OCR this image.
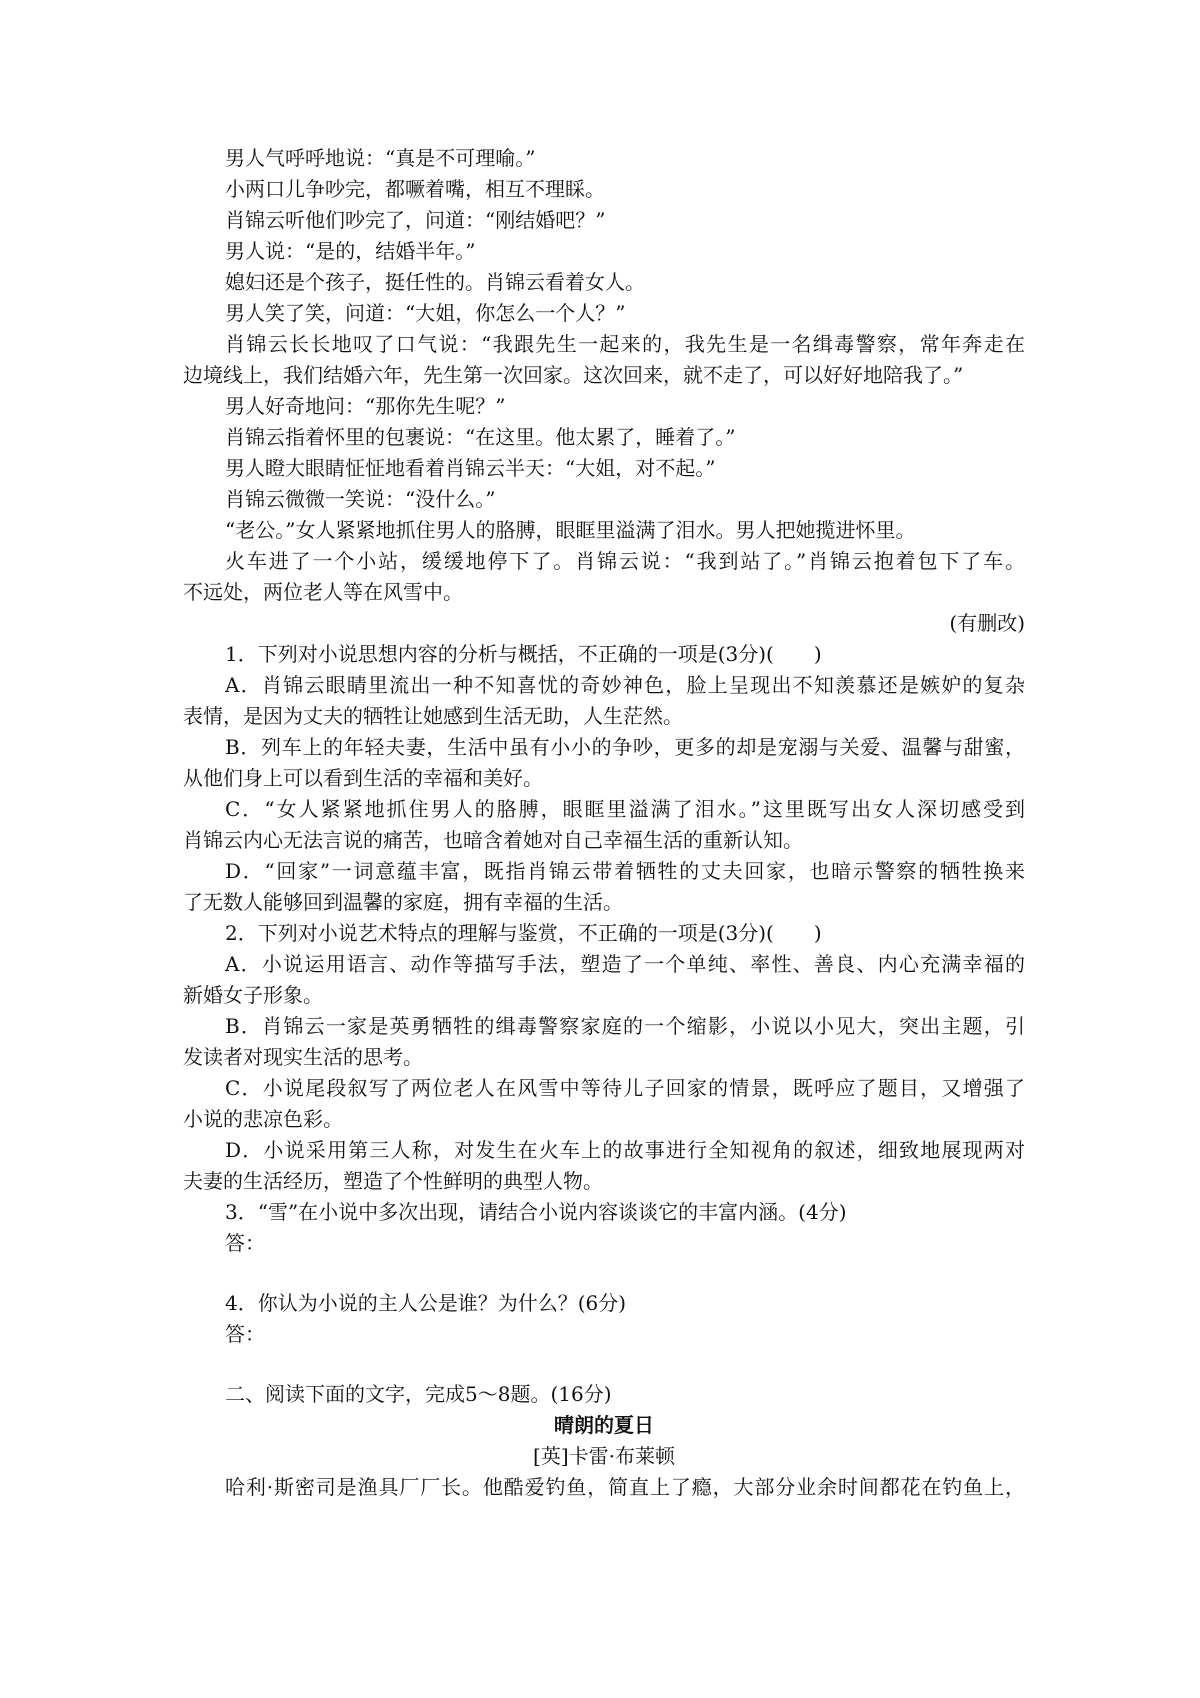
男人气呼呼地说：“真是不可理喻。”
小两口儿争吵完，都噘着嘴，相互不理睬。
肖锦云听他们吵完了，问道：“刚结婚吧？”
男人说：“是的，结婚半年。”
媳妇还是个孩子，挺任性的。肖锦云看着女人。
男人笑了笑，问道：“大姐，你怎么一个人？”
肖锦云长长地叹了口气说：“我跟先生一起来的，我先生是一名缉毒警察，常年奔走在
边境线上，我们结婚六年，先生第一次回家。这次回来，就不走了，可以好好地陪我了。”
男人好奇地问：“那你先生呢？”
肖锦云指着怀里的包裹说：“在这里。他太累了，睡着了。”
男人瞪大眼睛怔怔地看着肖锦云半天：“大姐，对不起。”
肖锦云微微一笑说：“没什么。”
“老公。”女人紧紧地抓住男人的胳膊，眼眶里溢满了泪水。男人把她揽进怀里。
火车进了一个小站，缓缓地停下了。肖锦云说：“我到站了。”肖锦云抱着包下了车。
不远处，两位老人等在风雪中。
(有删改)
1．下列对小说思想内容的分析与概括，不正确的一项是(3分)(　　)
A．肖锦云眼睛里流出一种不知喜忧的奇妙神色，脸上呈现出不知羡慕还是嫉妒的复杂
表情，是因为丈夫的牺牲让她感到生活无助，人生茫然。
B．列车上的年轻夫妻，生活中虽有小小的争吵，更多的却是宠溺与关爱、温馨与甜蜜，
从他们身上可以看到生活的幸福和美好。
C．“女人紧紧地抓住男人的胳膊，眼眶里溢满了泪水。”这里既写出女人深切感受到
肖锦云内心无法言说的痛苦，也暗含着她对自己幸福生活的重新认知。
D．“回家”一词意蕴丰富，既指肖锦云带着牺牲的丈夫回家，也暗示警察的牺牲换来
了无数人能够回到温馨的家庭，拥有幸福的生活。
2．下列对小说艺术特点的理解与鉴赏，不正确的一项是(3分)(　　)
A．小说运用语言、动作等描写手法，塑造了一个单纯、率性、善良、内心充满幸福的
新婚女子形象。
B．肖锦云一家是英勇牺牲的缉毒警察家庭的一个缩影，小说以小见大，突出主题，引
发读者对现实生活的思考。
C．小说尾段叙写了两位老人在风雪中等待儿子回家的情景，既呼应了题目，又增强了
小说的悲凉色彩。
D．小说采用第三人称，对发生在火车上的故事进行全知视角的叙述，细致地展现两对
夫妻的生活经历，塑造了个性鲜明的典型人物。
3．“雪”在小说中多次出现，请结合小说内容谈谈它的丰富内涵。(4分)
答：
4．你认为小说的主人公是谁？为什么？(6分)
答：
二、阅读下面的文字，完成5～8题。(16分)
晴朗的夏日
[英]卡雷·布莱顿
哈利·斯密司是渔具厂厂长。他酷爱钓鱼，简直上了瘾，大部分业余时间都花在钓鱼上，
